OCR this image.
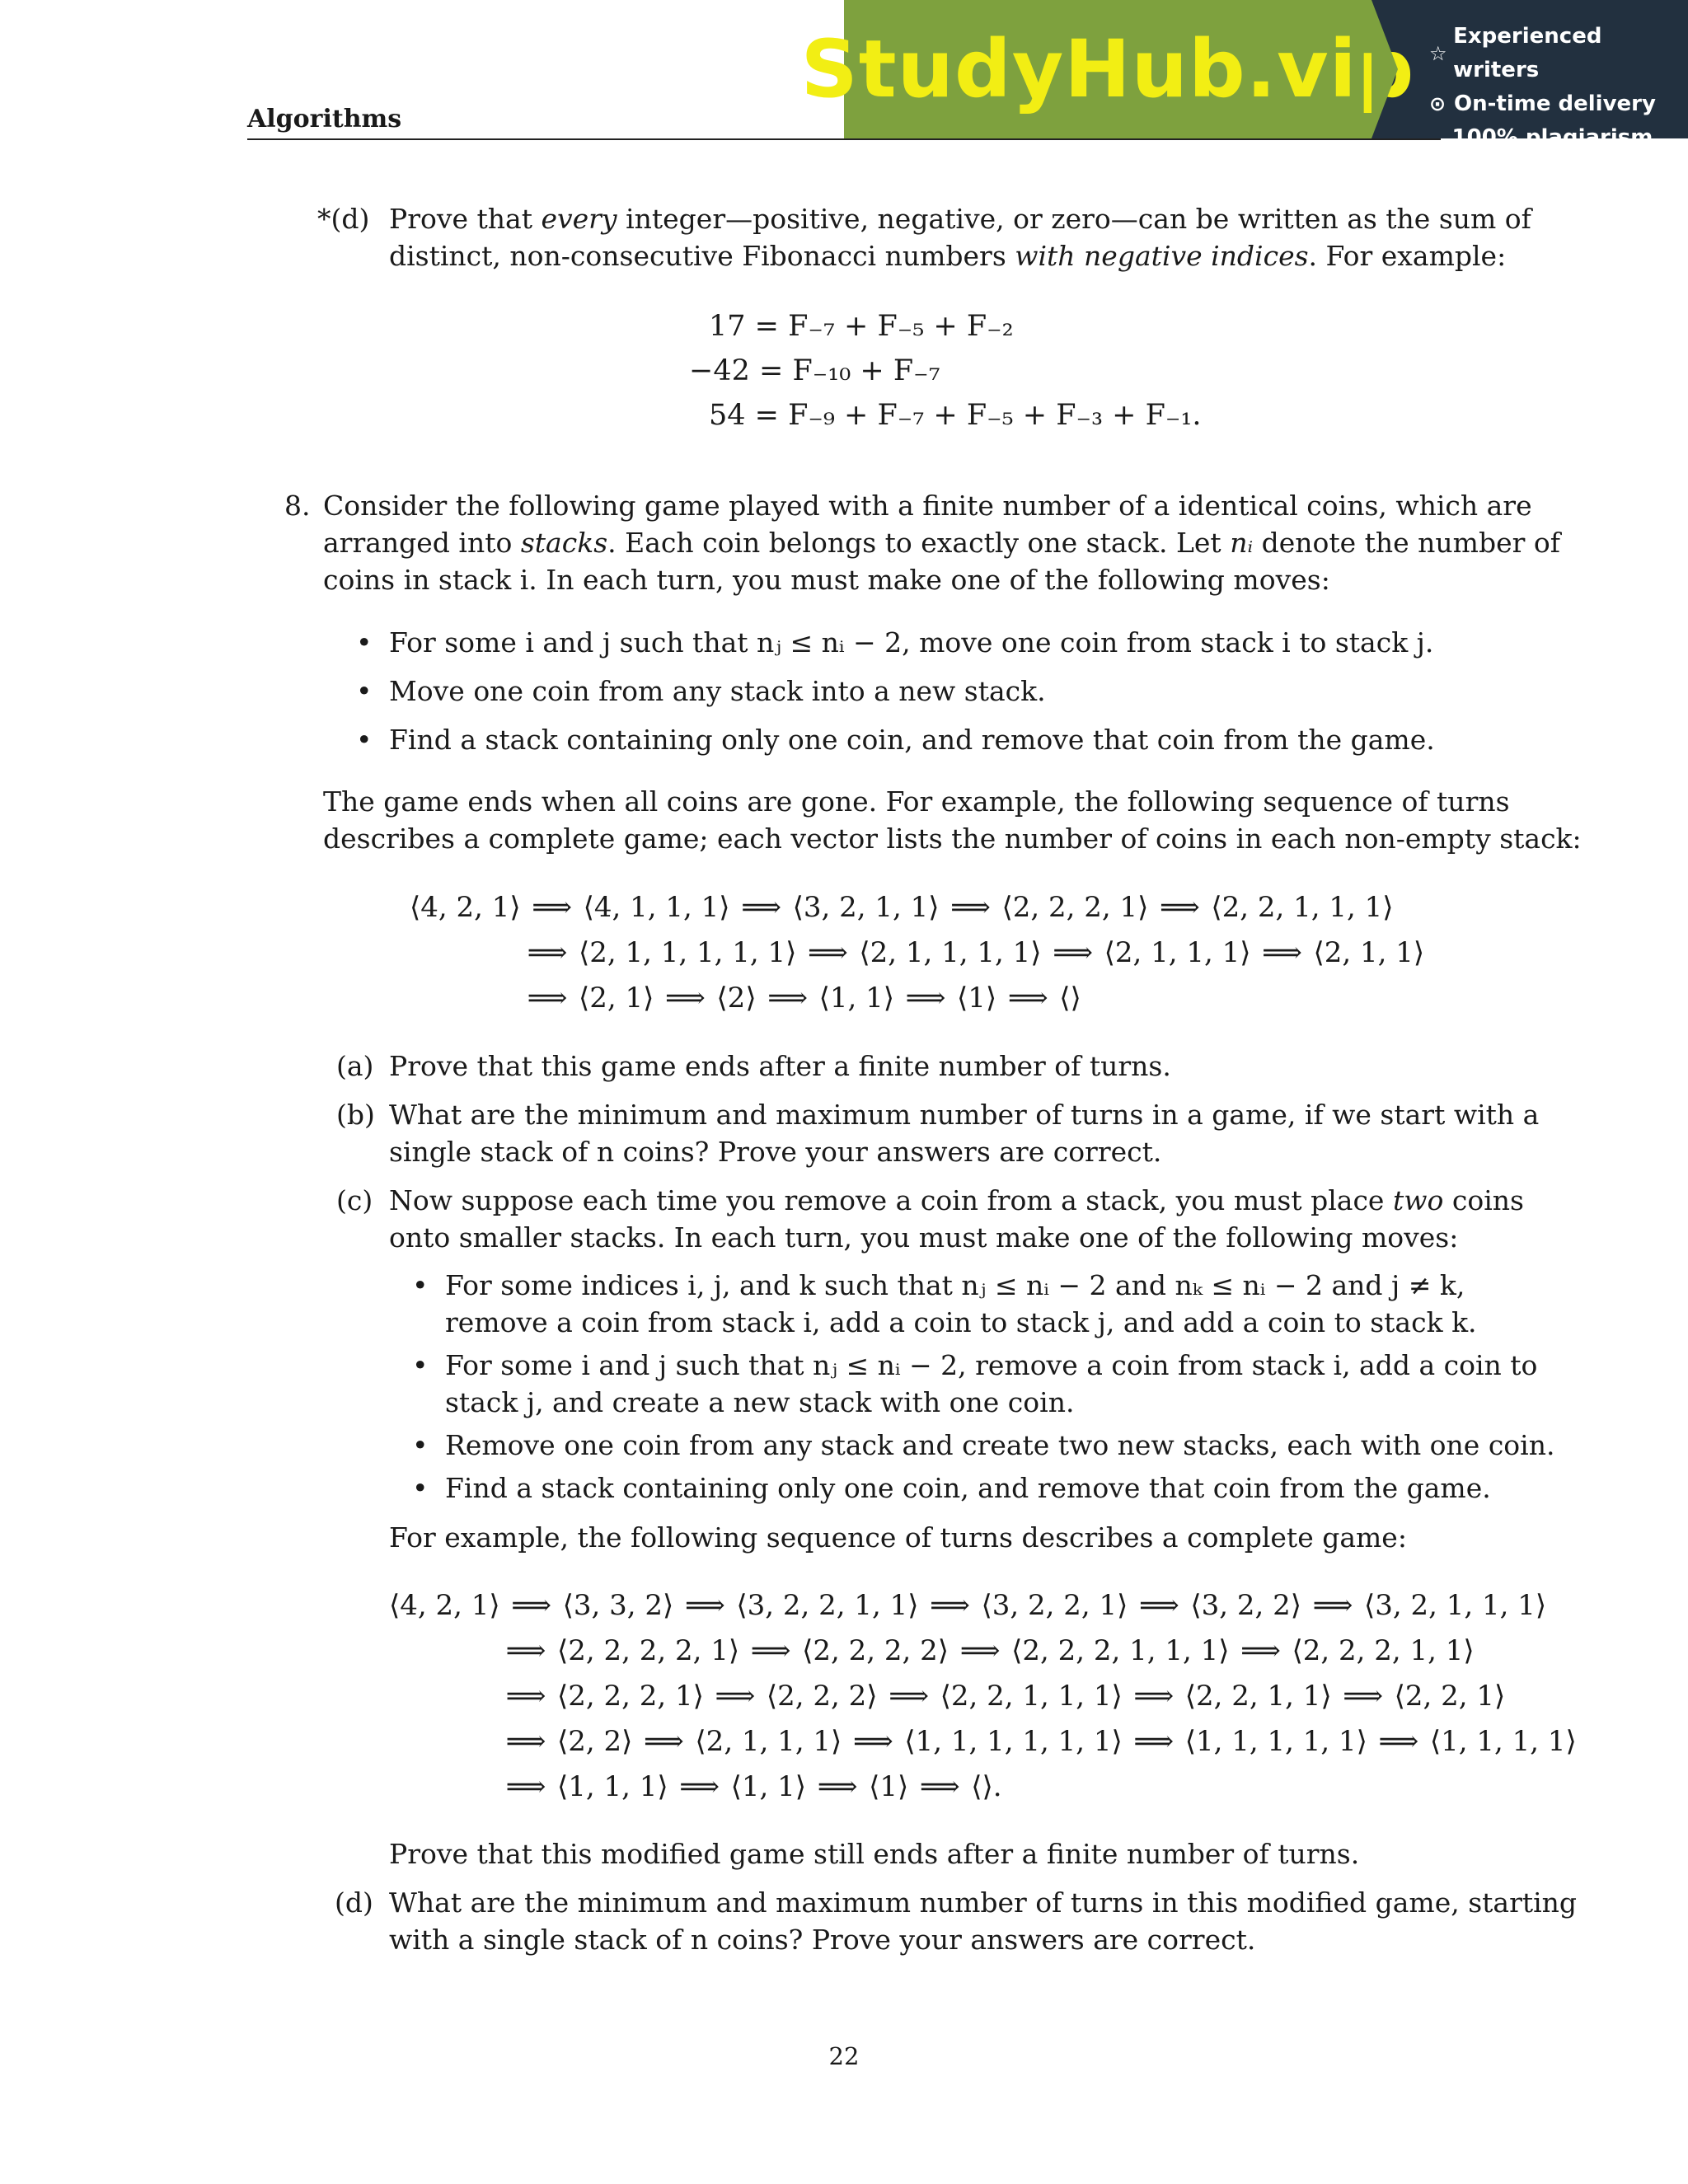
StudyHub.vip ☆
Experienced writers
⊙ On-time delivery
⧉
100% plagiarism free
Algorithms
*(d) Prove that every integer—positive, negative, or zero—can be written as the sum of
distinct, non-consecutive Fibonacci numbers with negative indices. For example:
17 = F₋₇ + F₋₅ + F₋₂
−42 = F₋₁₀ + F₋₇
54 = F₋₉ + F₋₇ + F₋₅ + F₋₃ + F₋₁.
8. Consider the following game played with a finite number of a identical coins, which are
arranged into stacks. Each coin belongs to exactly one stack. Let nᵢ denote the number of
coins in stack i. In each turn, you must make one of the following moves:
• For some i and j such that nⱼ ≤ nᵢ − 2, move one coin from stack i to stack j.
• Move one coin from any stack into a new stack.
• Find a stack containing only one coin, and remove that coin from the game.
The game ends when all coins are gone. For example, the following sequence of turns
describes a complete game; each vector lists the number of coins in each non-empty stack:
⟨4, 2, 1⟩ ⟹ ⟨4, 1, 1, 1⟩ ⟹ ⟨3, 2, 1, 1⟩ ⟹ ⟨2, 2, 2, 1⟩ ⟹ ⟨2, 2, 1, 1, 1⟩
⟹ ⟨2, 1, 1, 1, 1, 1⟩ ⟹ ⟨2, 1, 1, 1, 1⟩ ⟹ ⟨2, 1, 1, 1⟩ ⟹ ⟨2, 1, 1⟩
⟹ ⟨2, 1⟩ ⟹ ⟨2⟩ ⟹ ⟨1, 1⟩ ⟹ ⟨1⟩ ⟹ ⟨⟩
(a) Prove that this game ends after a finite number of turns.
(b) What are the minimum and maximum number of turns in a game, if we start with a
single stack of n coins? Prove your answers are correct.
(c) Now suppose each time you remove a coin from a stack, you must place two coins
onto smaller stacks. In each turn, you must make one of the following moves:
• For some indices i, j, and k such that nⱼ ≤ nᵢ − 2 and nₖ ≤ nᵢ − 2 and j ≠ k,
remove a coin from stack i, add a coin to stack j, and add a coin to stack k.
• For some i and j such that nⱼ ≤ nᵢ − 2, remove a coin from stack i, add a coin to
stack j, and create a new stack with one coin.
• Remove one coin from any stack and create two new stacks, each with one coin.
• Find a stack containing only one coin, and remove that coin from the game.
For example, the following sequence of turns describes a complete game:
⟨4, 2, 1⟩ ⟹ ⟨3, 3, 2⟩ ⟹ ⟨3, 2, 2, 1, 1⟩ ⟹ ⟨3, 2, 2, 1⟩ ⟹ ⟨3, 2, 2⟩ ⟹ ⟨3, 2, 1, 1, 1⟩
⟹ ⟨2, 2, 2, 2, 1⟩ ⟹ ⟨2, 2, 2, 2⟩ ⟹ ⟨2, 2, 2, 1, 1, 1⟩ ⟹ ⟨2, 2, 2, 1, 1⟩
⟹ ⟨2, 2, 2, 1⟩ ⟹ ⟨2, 2, 2⟩ ⟹ ⟨2, 2, 1, 1, 1⟩ ⟹ ⟨2, 2, 1, 1⟩ ⟹ ⟨2, 2, 1⟩
⟹ ⟨2, 2⟩ ⟹ ⟨2, 1, 1, 1⟩ ⟹ ⟨1, 1, 1, 1, 1, 1⟩ ⟹ ⟨1, 1, 1, 1, 1⟩ ⟹ ⟨1, 1, 1, 1⟩
⟹ ⟨1, 1, 1⟩ ⟹ ⟨1, 1⟩ ⟹ ⟨1⟩ ⟹ ⟨⟩.
Prove that this modified game still ends after a finite number of turns.
(d) What are the minimum and maximum number of turns in this modified game, starting
with a single stack of n coins? Prove your answers are correct.
22
